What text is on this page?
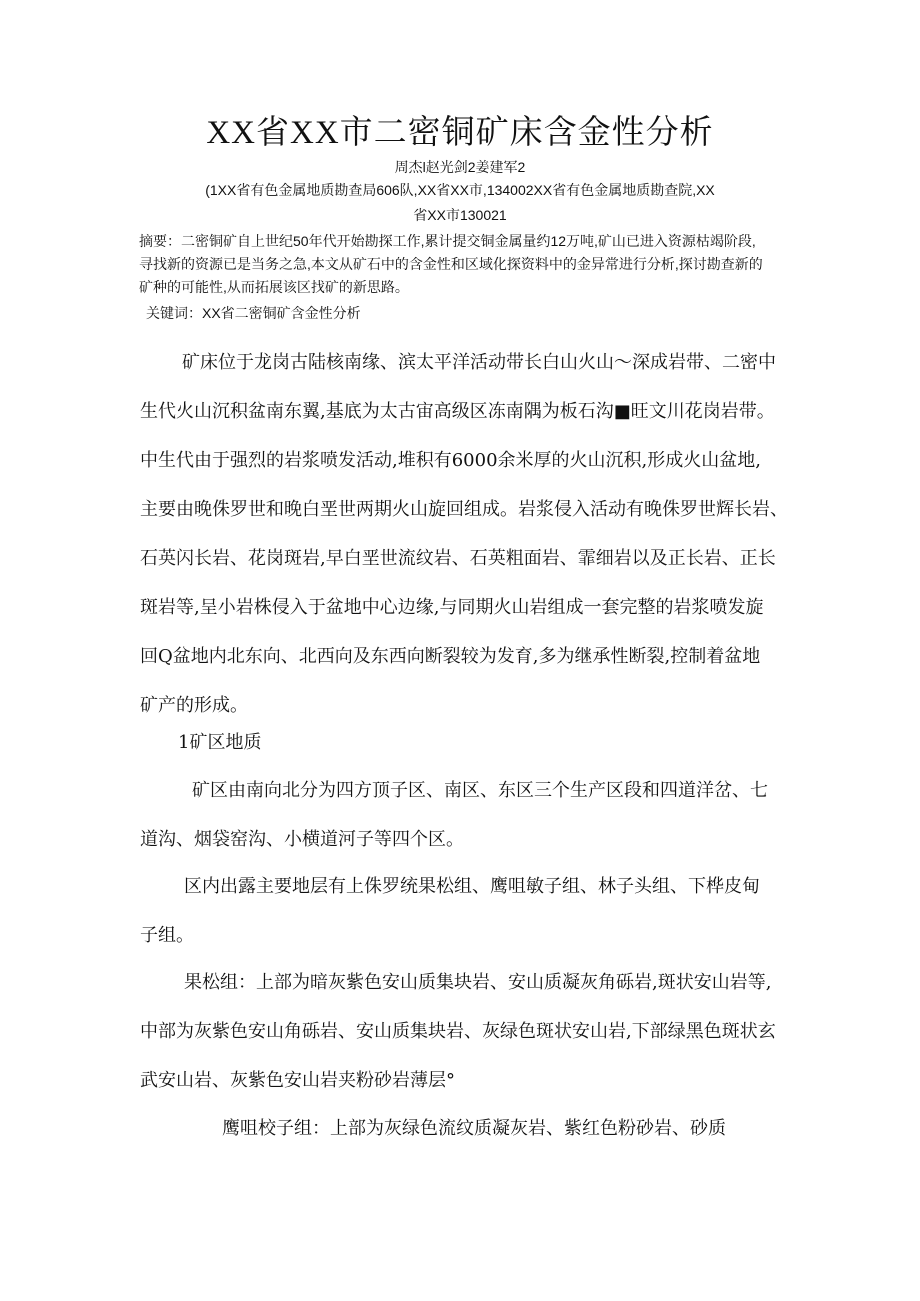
XX省XX市二密铜矿床含金性分析
周杰l赵光剑2姜建军2
(1XX省有色金属地质勘查局606队,XX省XX市,134002XX省有色金属地质勘查院,XX
省XX市130021
摘要：二密铜矿自上世纪50年代开始勘探工作,累计提交铜金属量约12万吨,矿山已进入资源枯竭阶段,
寻找新的资源已是当务之急,本文从矿石中的含金性和区域化探资料中的金异常进行分析,探讨勘查新的
矿种的可能性,从而拓展该区找矿的新思路。
关键词：XX省二密铜矿含金性分析
矿床位于龙岗古陆核南缘、滨太平洋活动带长白山火山～深成岩带、二密中
生代火山沉积盆南东翼,基底为太古宙高级区冻南隅为板石沟■旺文川花岗岩带。
中生代由于强烈的岩浆喷发活动,堆积有6000余米厚的火山沉积,形成火山盆地,
主要由晚侏罗世和晚白垩世两期火山旋回组成。岩浆侵入活动有晚侏罗世辉长岩、
石英闪长岩、花岗斑岩,早白垩世流纹岩、石英粗面岩、霏细岩以及正长岩、正长
斑岩等,呈小岩株侵入于盆地中心边缘,与同期火山岩组成一套完整的岩浆喷发旋
回Q盆地内北东向、北西向及东西向断裂较为发育,多为继承性断裂,控制着盆地
矿产的形成。
1矿区地质
矿区由南向北分为四方顶子区、南区、东区三个生产区段和四道洋岔、七
道沟、烟袋窑沟、小横道河子等四个区。
区内出露主要地层有上侏罗统果松组、鹰咀敏子组、林子头组、下桦皮甸
子组。
果松组：上部为暗灰紫色安山质集块岩、安山质凝灰角砾岩,斑状安山岩等,
中部为灰紫色安山角砾岩、安山质集块岩、灰绿色斑状安山岩,下部绿黑色斑状玄
武安山岩、灰紫色安山岩夹粉砂岩薄层°
鹰咀校子组：上部为灰绿色流纹质凝灰岩、紫红色粉砂岩、砂质
